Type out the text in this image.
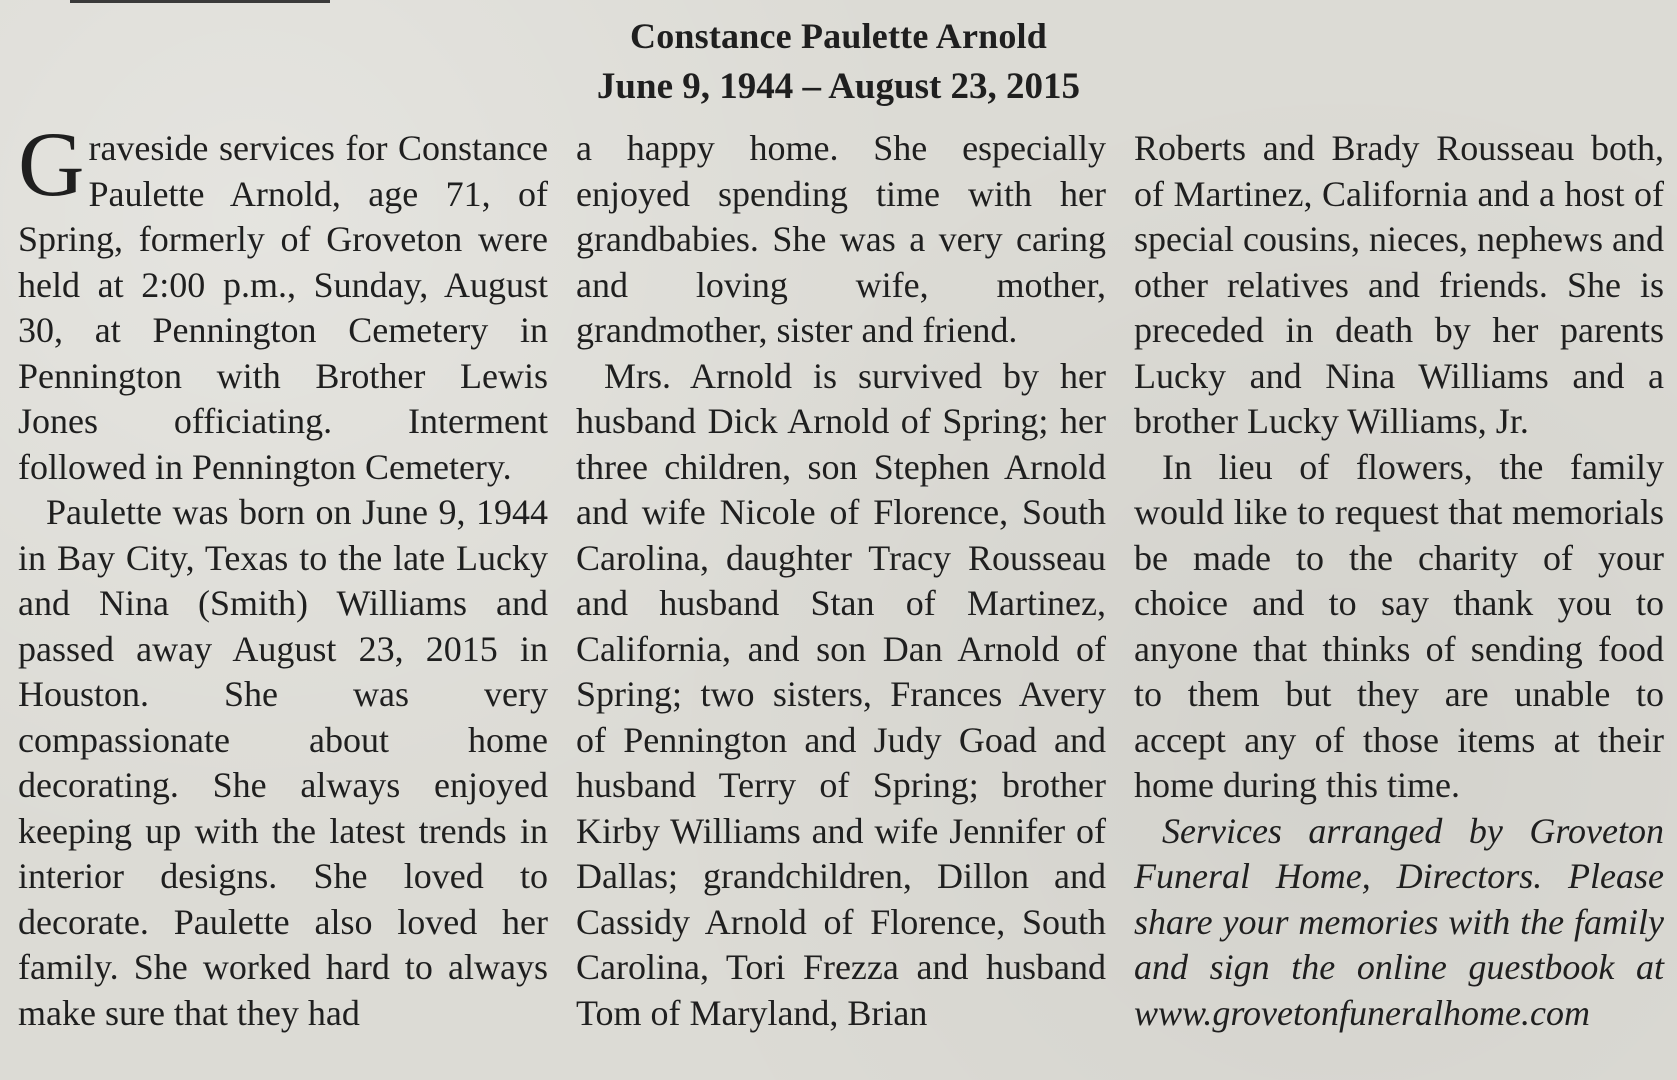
Constance Paulette Arnold
June 9, 1944 – August 23, 2015

Graveside services for Constance Paulette Arnold, age 71, of Spring, formerly of Groveton were held at 2:00 p.m., Sunday, August 30, at Pennington Cemetery in Pennington with Brother Lewis Jones officiating. Interment followed in Pennington Cemetery.

Paulette was born on June 9, 1944 in Bay City, Texas to the late Lucky and Nina (Smith) Williams and passed away August 23, 2015 in Houston. She was very compassionate about home decorating. She always enjoyed keeping up with the latest trends in interior designs. She loved to decorate. Paulette also loved her family. She worked hard to always make sure that they had

a happy home. She especially enjoyed spending time with her grandbabies. She was a very caring and loving wife, mother, grandmother, sister and friend.

Mrs. Arnold is survived by her husband Dick Arnold of Spring; her three children, son Stephen Arnold and wife Nicole of Florence, South Carolina, daughter Tracy Rousseau and husband Stan of Martinez, California, and son Dan Arnold of Spring; two sisters, Frances Avery of Pennington and Judy Goad and husband Terry of Spring; brother Kirby Williams and wife Jennifer of Dallas; grandchildren, Dillon and Cassidy Arnold of Florence, South Carolina, Tori Frezza and husband Tom of Maryland, Brian

Roberts and Brady Rousseau both, of Martinez, California and a host of special cousins, nieces, nephews and other relatives and friends. She is preceded in death by her parents Lucky and Nina Williams and a brother Lucky Williams, Jr.

In lieu of flowers, the family would like to request that memorials be made to the charity of your choice and to say thank you to anyone that thinks of sending food to them but they are unable to accept any of those items at their home during this time.

Services arranged by Groveton Funeral Home, Directors. Please share your memories with the family and sign the online guestbook at www.grovetonfuneralhome.com
